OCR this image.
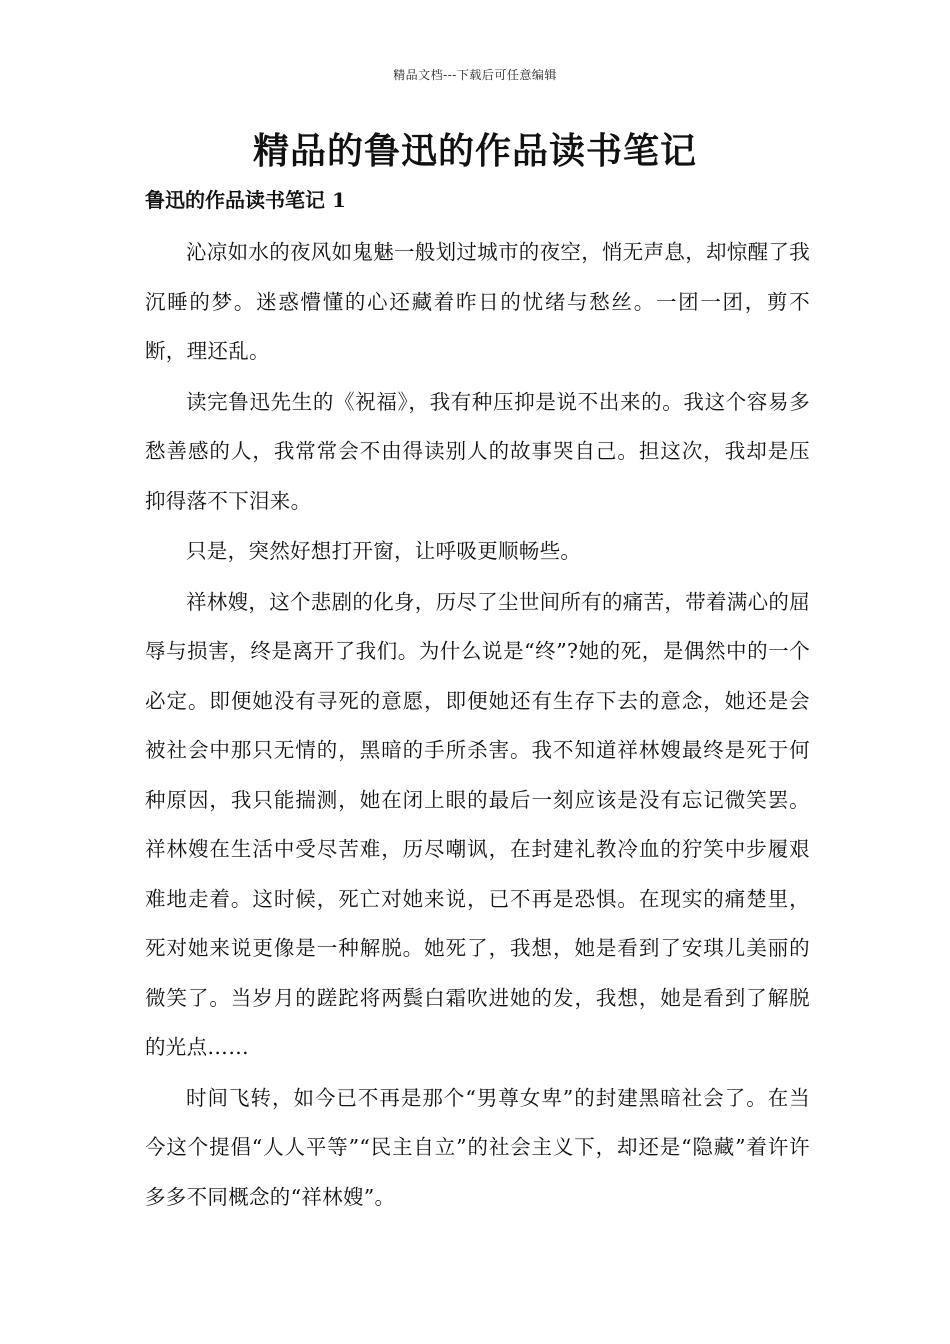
精品文档---下载后可任意编辑
精品的鲁迅的作品读书笔记
鲁迅的作品读书笔记 1

沁凉如水的夜风如鬼魅一般划过城市的夜空，悄无声息，却惊醒了我沉睡的梦。迷惑懵懂的心还藏着昨日的忧绪与愁丝。一团一团，剪不断，理还乱。

读完鲁迅先生的《祝福》，我有种压抑是说不出来的。我这个容易多愁善感的人，我常常会不由得读别人的故事哭自己。担这次，我却是压抑得落不下泪来。

只是，突然好想打开窗，让呼吸更顺畅些。

祥林嫂，这个悲剧的化身，历尽了尘世间所有的痛苦，带着满心的屈辱与损害，终是离开了我们。为什么说是“终”?她的死，是偶然中的一个必定。即便她没有寻死的意愿，即便她还有生存下去的意念，她还是会被社会中那只无情的，黑暗的手所杀害。我不知道祥林嫂最终是死于何种原因，我只能揣测，她在闭上眼的最后一刻应该是没有忘记微笑罢。祥林嫂在生活中受尽苦难，历尽嘲讽，在封建礼教冷血的狞笑中步履艰难地走着。这时候，死亡对她来说，已不再是恐惧。在现实的痛楚里，死对她来说更像是一种解脱。她死了，我想，她是看到了安琪儿美丽的微笑了。当岁月的蹉跎将两鬓白霜吹进她的发，我想，她是看到了解脱的光点……

时间飞转，如今已不再是那个“男尊女卑”的封建黑暗社会了。在当今这个提倡“人人平等”“民主自立”的社会主义下，却还是“隐藏”着许许多多不同概念的“祥林嫂”。
